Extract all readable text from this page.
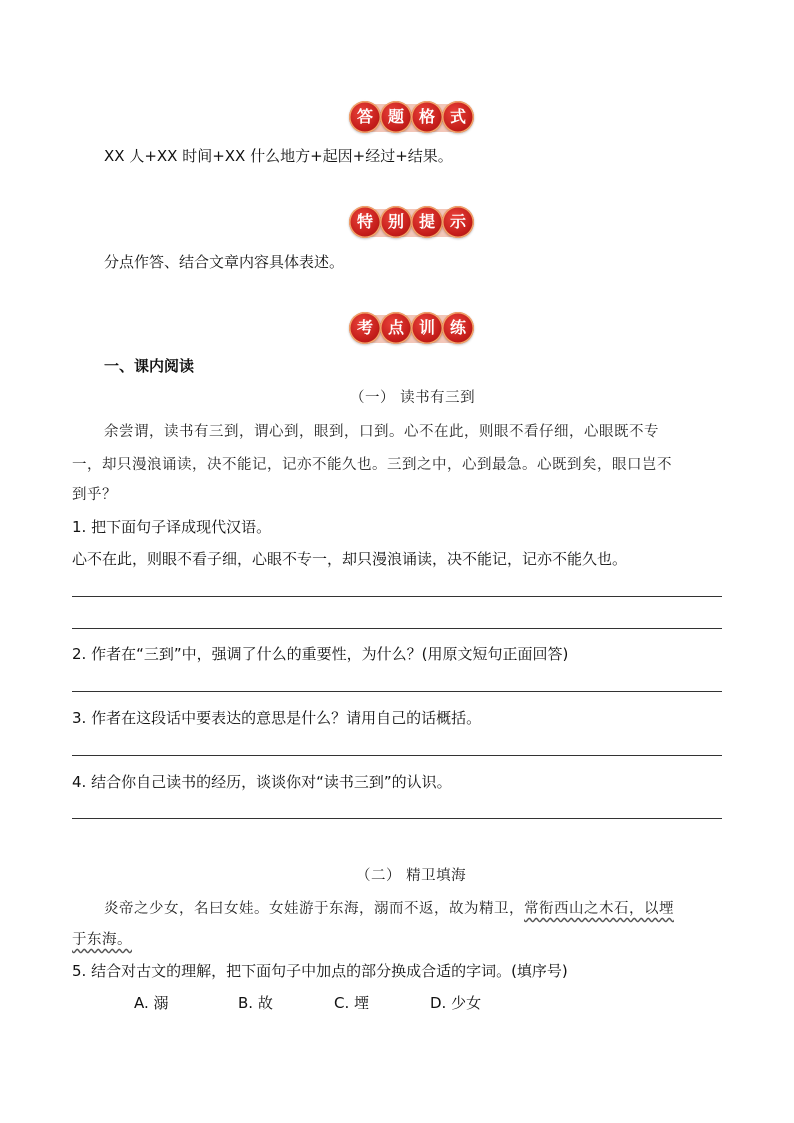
答 题 格 式
XX 人+XX 时间+XX 什么地方+起因+经过+结果。
特 别 提 示
分点作答、结合文章内容具体表述。
考 点 训 练
一、课内阅读
（一） 读书有三到
余尝谓，读书有三到，谓心到，眼到，口到。心不在此，则眼不看仔细，心眼既不专
一，却只漫浪诵读，决不能记，记亦不能久也。三到之中，心到最急。心既到矣，眼口岂不
到乎？
1. 把下面句子译成现代汉语。
心不在此，则眼不看子细，心眼不专一，却只漫浪诵读，决不能记，记亦不能久也。
2. 作者在“三到”中，强调了什么的重要性，为什么？(用原文短句正面回答)
3. 作者在这段话中要表达的意思是什么？请用自己的话概括。
4. 结合你自己读书的经历，谈谈你对“读书三到”的认识。
（二） 精卫填海
炎帝之少女，名曰女娃。女娃游于东海，溺而不返，故为精卫，常衔西山之木石，以堙
于东海。
5. 结合对古文的理解，把下面句子中加点的部分换成合适的字词。(填序号)
A. 溺	B. 故	C. 堙	D. 少女
